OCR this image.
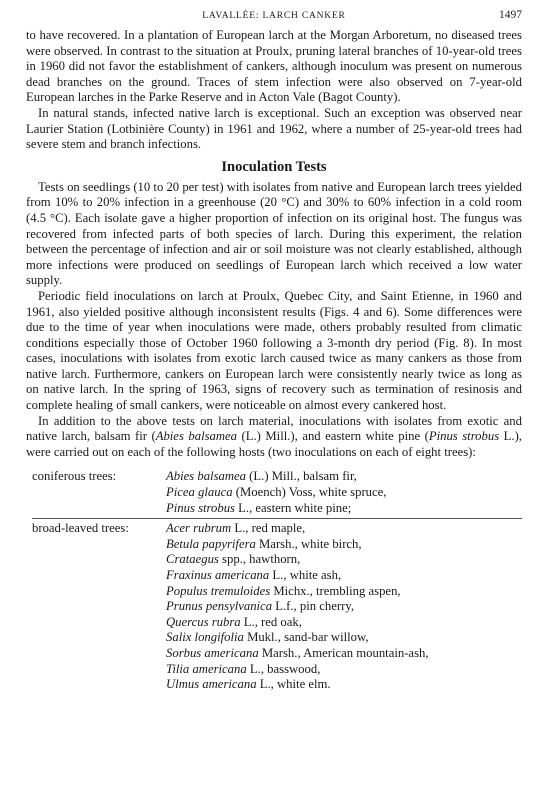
LAVALLÉE: LARCH CANKER	1497

to have recovered. In a plantation of European larch at the Morgan Arboretum, no diseased trees were observed. In contrast to the situation at Proulx, pruning lateral branches of 10-year-old trees in 1960 did not favor the establishment of cankers, although inoculum was present on numerous dead branches on the ground. Traces of stem infection were also observed on 7-year-old European larches in the Parke Reserve and in Acton Vale (Bagot County).

In natural stands, infected native larch is exceptional. Such an exception was observed near Laurier Station (Lotbinière County) in 1961 and 1962, where a number of 25-year-old trees had severe stem and branch infections.

Inoculation Tests

Tests on seedlings (10 to 20 per test) with isolates from native and European larch trees yielded from 10% to 20% infection in a greenhouse (20 °C) and 30% to 60% infection in a cold room (4.5 °C). Each isolate gave a higher proportion of infection on its original host. The fungus was recovered from infected parts of both species of larch. During this experiment, the relation between the percentage of infection and air or soil moisture was not clearly established, although more infections were produced on seedlings of European larch which received a low water supply.

Periodic field inoculations on larch at Proulx, Quebec City, and Saint Etienne, in 1960 and 1961, also yielded positive although inconsistent results (Figs. 4 and 6). Some differences were due to the time of year when inoculations were made, others probably resulted from climatic conditions especially those of October 1960 following a 3-month dry period (Fig. 8). In most cases, inoculations with isolates from exotic larch caused twice as many cankers as those from native larch. Furthermore, cankers on European larch were consistently nearly twice as long as on native larch. In the spring of 1963, signs of recovery such as termination of resinosis and complete healing of small cankers, were noticeable on almost every cankered host.

In addition to the above tests on larch material, inoculations with isolates from exotic and native larch, balsam fir (Abies balsamea (L.) Mill.), and eastern white pine (Pinus strobus L.), were carried out on each of the following hosts (two inoculations on each of eight trees):

coniferous trees:	Abies balsamea (L.) Mill., balsam fir,
Picea glauca (Moench) Voss, white spruce,
Pinus strobus L., eastern white pine;
broad-leaved trees:	Acer rubrum L., red maple,
Betula papyrifera Marsh., white birch,
Crataegus spp., hawthorn,
Fraxinus americana L., white ash,
Populus tremuloides Michx., trembling aspen,
Prunus pensylvanica L.f., pin cherry,
Quercus rubra L., red oak,
Salix longifolia Mukl., sand-bar willow,
Sorbus americana Marsh., American mountain-ash,
Tilia americana L., basswood,
Ulmus americana L., white elm.
